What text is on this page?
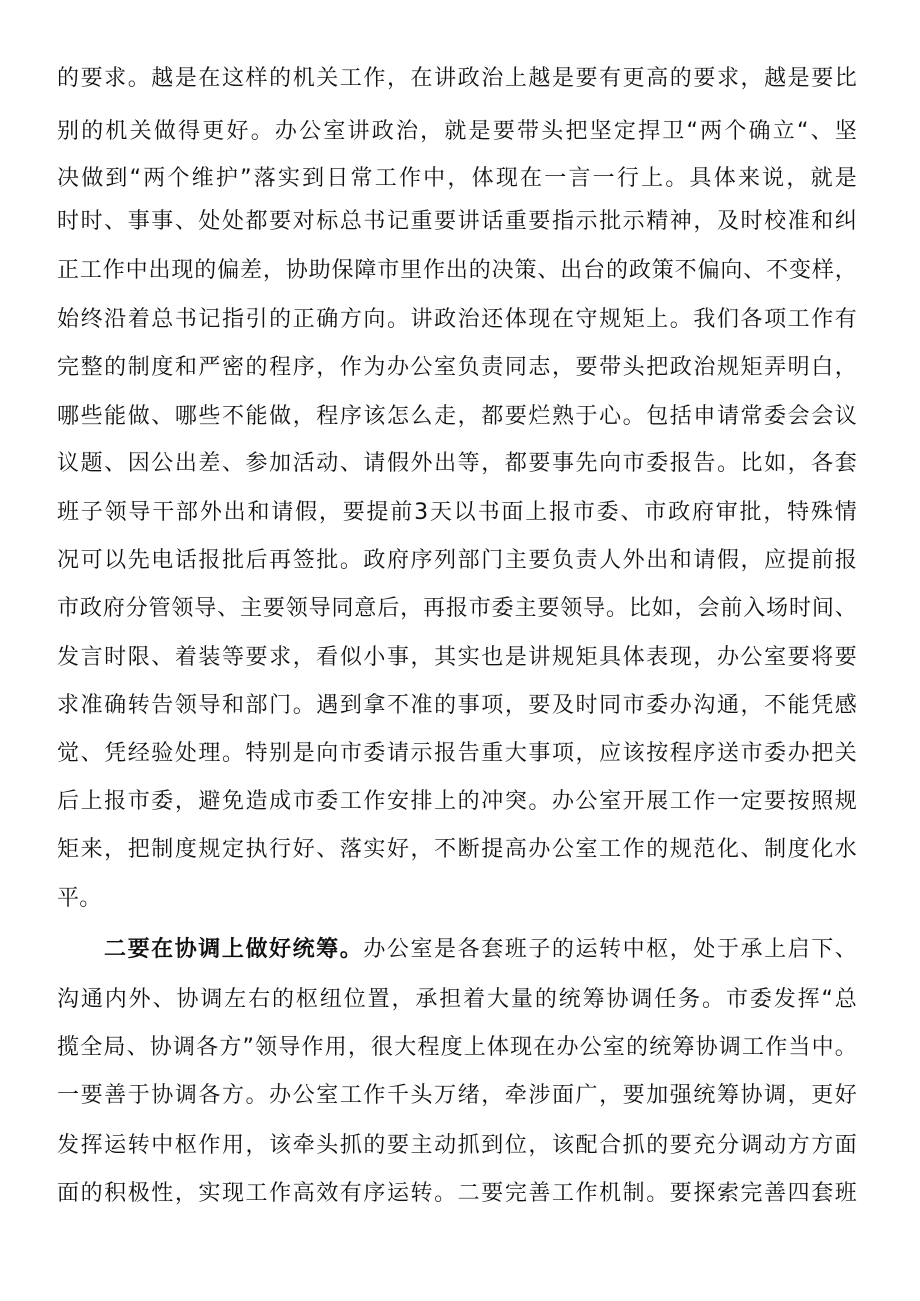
的要求。越是在这样的机关工作，在讲政治上越是要有更高的要求，越是要比
别的机关做得更好。办公室讲政治，就是要带头把坚定捍卫“两个确立“、坚
决做到“两个维护”落实到日常工作中，体现在一言一行上。具体来说，就是
时时、事事、处处都要对标总书记重要讲话重要指示批示精神，及时校准和纠
正工作中出现的偏差，协助保障市里作出的决策、出台的政策不偏向、不变样，
始终沿着总书记指引的正确方向。讲政治还体现在守规矩上。我们各项工作有
完整的制度和严密的程序，作为办公室负责同志，要带头把政治规矩弄明白，
哪些能做、哪些不能做，程序该怎么走，都要烂熟于心。包括申请常委会会议
议题、因公出差、参加活动、请假外出等，都要事先向市委报告。比如，各套
班子领导干部外出和请假，要提前3天以书面上报市委、市政府审批，特殊情
况可以先电话报批后再签批。政府序列部门主要负责人外出和请假，应提前报
市政府分管领导、主要领导同意后，再报市委主要领导。比如，会前入场时间、
发言时限、着装等要求，看似小事，其实也是讲规矩具体表现，办公室要将要
求准确转告领导和部门。遇到拿不准的事项，要及时同市委办沟通，不能凭感
觉、凭经验处理。特别是向市委请示报告重大事项，应该按程序送市委办把关
后上报市委，避免造成市委工作安排上的冲突。办公室开展工作一定要按照规
矩来，把制度规定执行好、落实好，不断提高办公室工作的规范化、制度化水
平。
二要在协调上做好统筹。办公室是各套班子的运转中枢，处于承上启下、
沟通内外、协调左右的枢纽位置，承担着大量的统筹协调任务。市委发挥“总
揽全局、协调各方”领导作用，很大程度上体现在办公室的统筹协调工作当中。
一要善于协调各方。办公室工作千头万绪，牵涉面广，要加强统筹协调，更好
发挥运转中枢作用，该牵头抓的要主动抓到位，该配合抓的要充分调动方方面
面的积极性，实现工作高效有序运转。二要完善工作机制。要探索完善四套班
